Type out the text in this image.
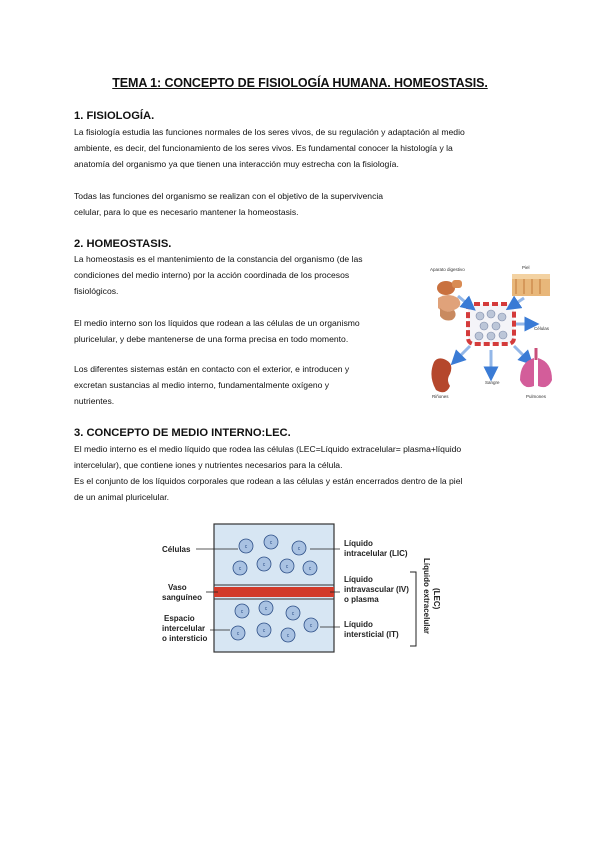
TEMA 1: CONCEPTO DE FISIOLOGÍA HUMANA. HOMEOSTASIS.
1. FISIOLOGÍA.
La fisiología estudia las funciones normales de los seres vivos, de su regulación y adaptación al medio
ambiente, es decir, del funcionamiento de los seres vivos. Es fundamental conocer la histología y la
anatomía del organismo ya que tienen una interacción muy estrecha con la fisiología.
Todas las funciones del organismo se realizan con el objetivo de la supervivencia
celular, para lo que es necesario mantener la homeostasis.
2. HOMEOSTASIS.
La homeostasis es el mantenimiento de la constancia del organismo (de las
condiciones del medio interno) por la acción coordinada de los procesos
fisiológicos.
El medio interno son los líquidos que rodean a las células de un organismo
pluricelular, y debe mantenerse de una forma precisa en todo momento.
Los diferentes sistemas están en contacto con el exterior, e introducen y
excretan sustancias al medio interno, fundamentalmente oxígeno y
nutrientes.
Aparato digestivo	Piel
Células
Riñones
Sangre
Pulmones
3. CONCEPTO DE MEDIO INTERNO:LEC.
El medio interno es el medio líquido que rodea las células (LEC=Líquido extracelular= plasma+líquido
intercelular), que contiene iones y nutrientes necesarios para la célula.
Es el conjunto de los líquidos corporales que rodean a las células y están encerrados dentro de la piel
de un animal pluricelular.
c
c
c
c
c	c	c
c	c
c
c	c
c
c
Células
Vaso
sanguíneo
Espacio
intercelular
o intersticio
Líquido
intracelular (LIC)
Líquido
intravascular (IV)
o plasma
Líquido
intersticial (IT)
Líquido extracelular (LEC)
